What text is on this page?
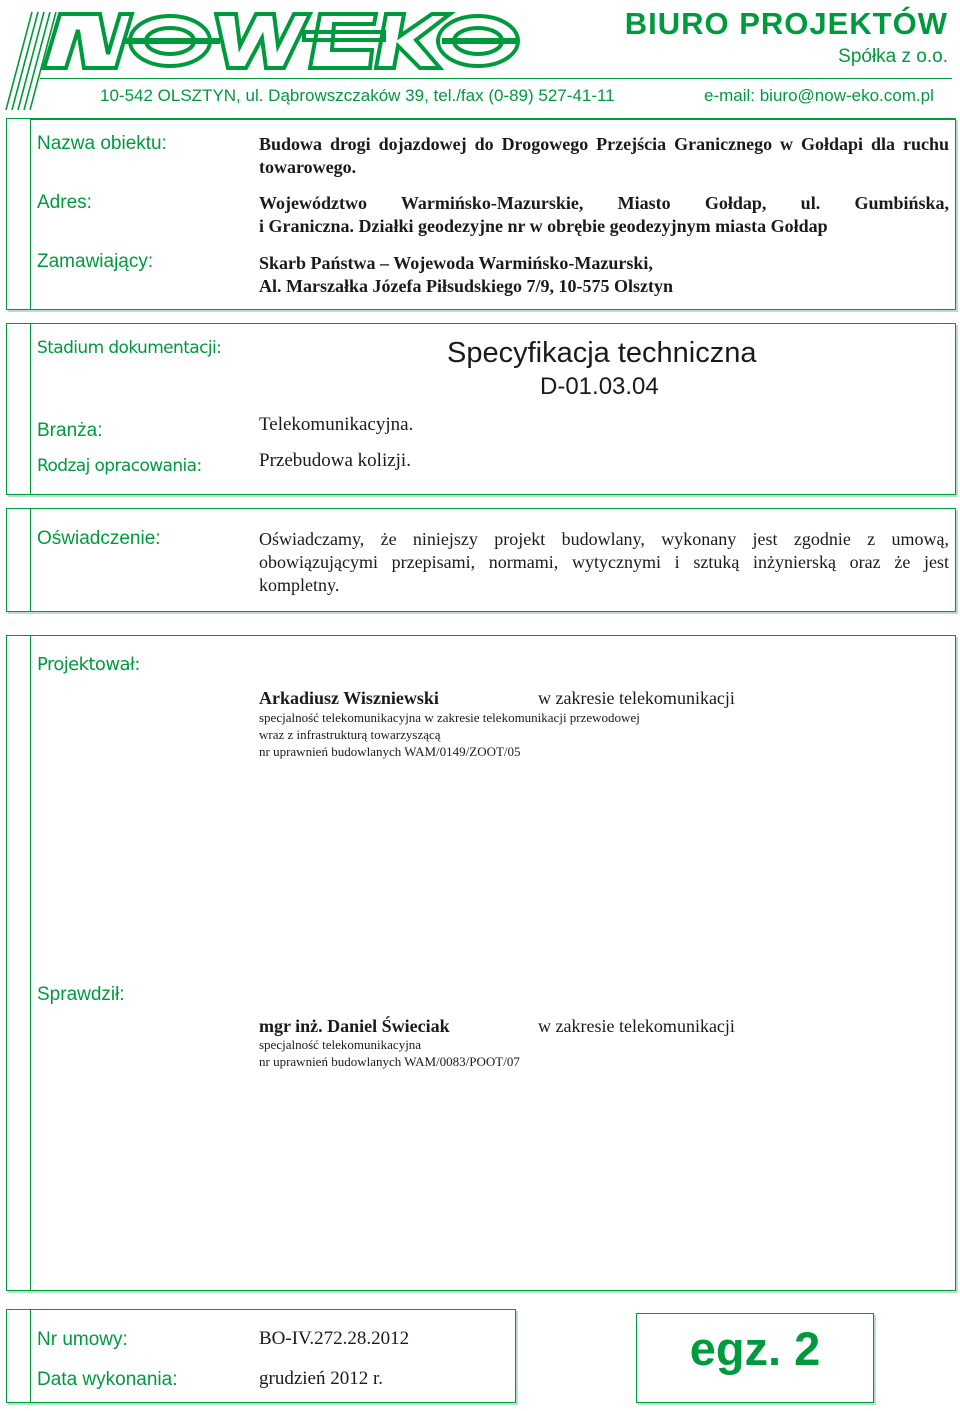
BIURO PROJEKTÓW
Spółka z o.o.
10-542 OLSZTYN, ul. Dąbrowszczaków 39, tel./fax (0-89) 527-41-11	e-mail: biuro@now-eko.com.pl
Nazwa obiektu:	Budowa drogi dojazdowej do Drogowego Przejścia Granicznego w Gołdapi dla ruchu towarowego.
Adres:	Województwo Warmińsko-Mazurskie, Miasto Gołdap, ul. Gumbińska,
i Graniczna. Działki geodezyjne nr w obrębie geodezyjnym miasta Gołdap
Zamawiający:	Skarb Państwa – Wojewoda Warmińsko-Mazurski,
Al. Marszałka Józefa Piłsudskiego 7/9, 10-575 Olsztyn
Stadium dokumentacji:	Specyfikacja techniczna
D-01.03.04
Branża:	Telekomunikacyjna.
Rodzaj opracowania:	Przebudowa kolizji.
Oświadczenie:	Oświadczamy, że niniejszy projekt budowlany, wykonany jest zgodnie z umową, obowiązującymi przepisami, normami, wytycznymi i sztuką inżynierską oraz że jest kompletny.
Projektował:
Arkadiusz Wiszniewski	w zakresie telekomunikacji
specjalność telekomunikacyjna w zakresie telekomunikacji przewodowej
wraz z infrastrukturą towarzyszącą
nr uprawnień budowlanych WAM/0149/ZOOT/05
Sprawdził:
mgr inż. Daniel Świeciak	w zakresie telekomunikacji
specjalność telekomunikacyjna
nr uprawnień budowlanych WAM/0083/POOT/07
Nr umowy:	BO-IV.272.28.2012
Data wykonania:	grudzień 2012 r.
egz. 2
